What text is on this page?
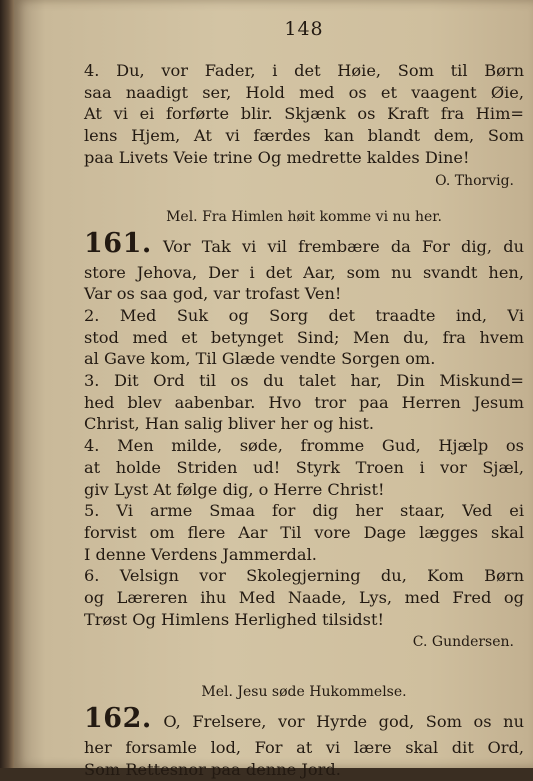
148
4. Du, vor Fader, i det Høie, Som til Børn
saa naadigt ser, Hold med os et vaagent Øie,
At vi ei forførte blir. Skjænk os Kraft fra Him=
lens Hjem, At vi færdes kan blandt dem, Som
paa Livets Veie trine Og medrette kaldes Dine!
O. Thorvig.
Mel. Fra Himlen høit komme vi nu her.
161. Vor Tak vi vil frembære da For dig, du
store Jehova, Der i det Aar, som nu svandt hen,
Var os saa god, var trofast Ven!
2. Med Suk og Sorg det traadte ind, Vi
stod med et betynget Sind; Men du, fra hvem
al Gave kom, Til Glæde vendte Sorgen om.
3. Dit Ord til os du talet har, Din Miskund=
hed blev aabenbar. Hvo tror paa Herren Jesum
Christ, Han salig bliver her og hist.
4. Men milde, søde, fromme Gud, Hjælp os
at holde Striden ud! Styrk Troen i vor Sjæl,
giv Lyst At følge dig, o Herre Christ!
5. Vi arme Smaa for dig her staar, Ved ei
forvist om flere Aar Til vore Dage lægges skal
I denne Verdens Jammerdal.
6. Velsign vor Skolegjerning du, Kom Børn
og Læreren ihu Med Naade, Lys, med Fred og
Trøst Og Himlens Herlighed tilsidst!
C. Gundersen.
Mel. Jesu søde Hukommelse.
162. O, Frelsere, vor Hyrde god, Som os nu
her forsamle lod, For at vi lære skal dit Ord,
Som Rettesnor paa denne Jord.
